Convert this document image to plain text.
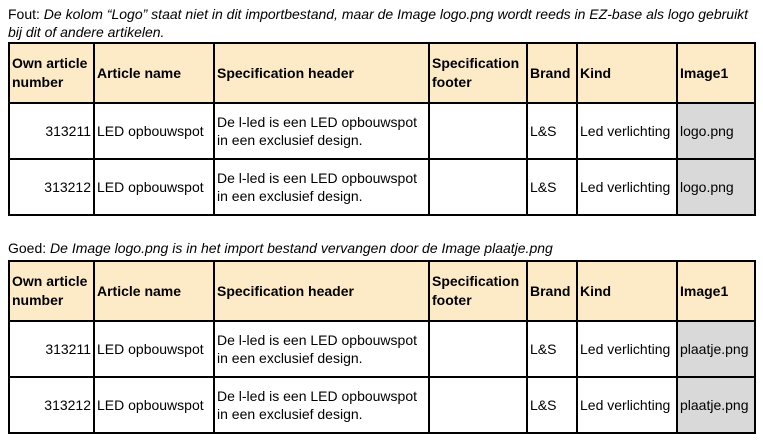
Fout: De kolom “Logo” staat niet in dit importbestand, maar de Image logo.png wordt reeds in EZ-base als logo gebruikt bij dit of andere artikelen.
Own article number	Article name	Specification header	Specification footer	Brand	Kind	Image1
313211	LED opbouwspot	De l-led is een LED opbouwspot in een exclusief design.		L&S	Led verlichting	logo.png
313212	LED opbouwspot	De l-led is een LED opbouwspot in een exclusief design.		L&S	Led verlichting	logo.png
Goed: De Image logo.png is in het import bestand vervangen door de Image plaatje.png
Own article number	Article name	Specification header	Specification footer	Brand	Kind	Image1
313211	LED opbouwspot	De l-led is een LED opbouwspot in een exclusief design.		L&S	Led verlichting	plaatje.png
313212	LED opbouwspot	De l-led is een LED opbouwspot in een exclusief design.		L&S	Led verlichting	plaatje.png
